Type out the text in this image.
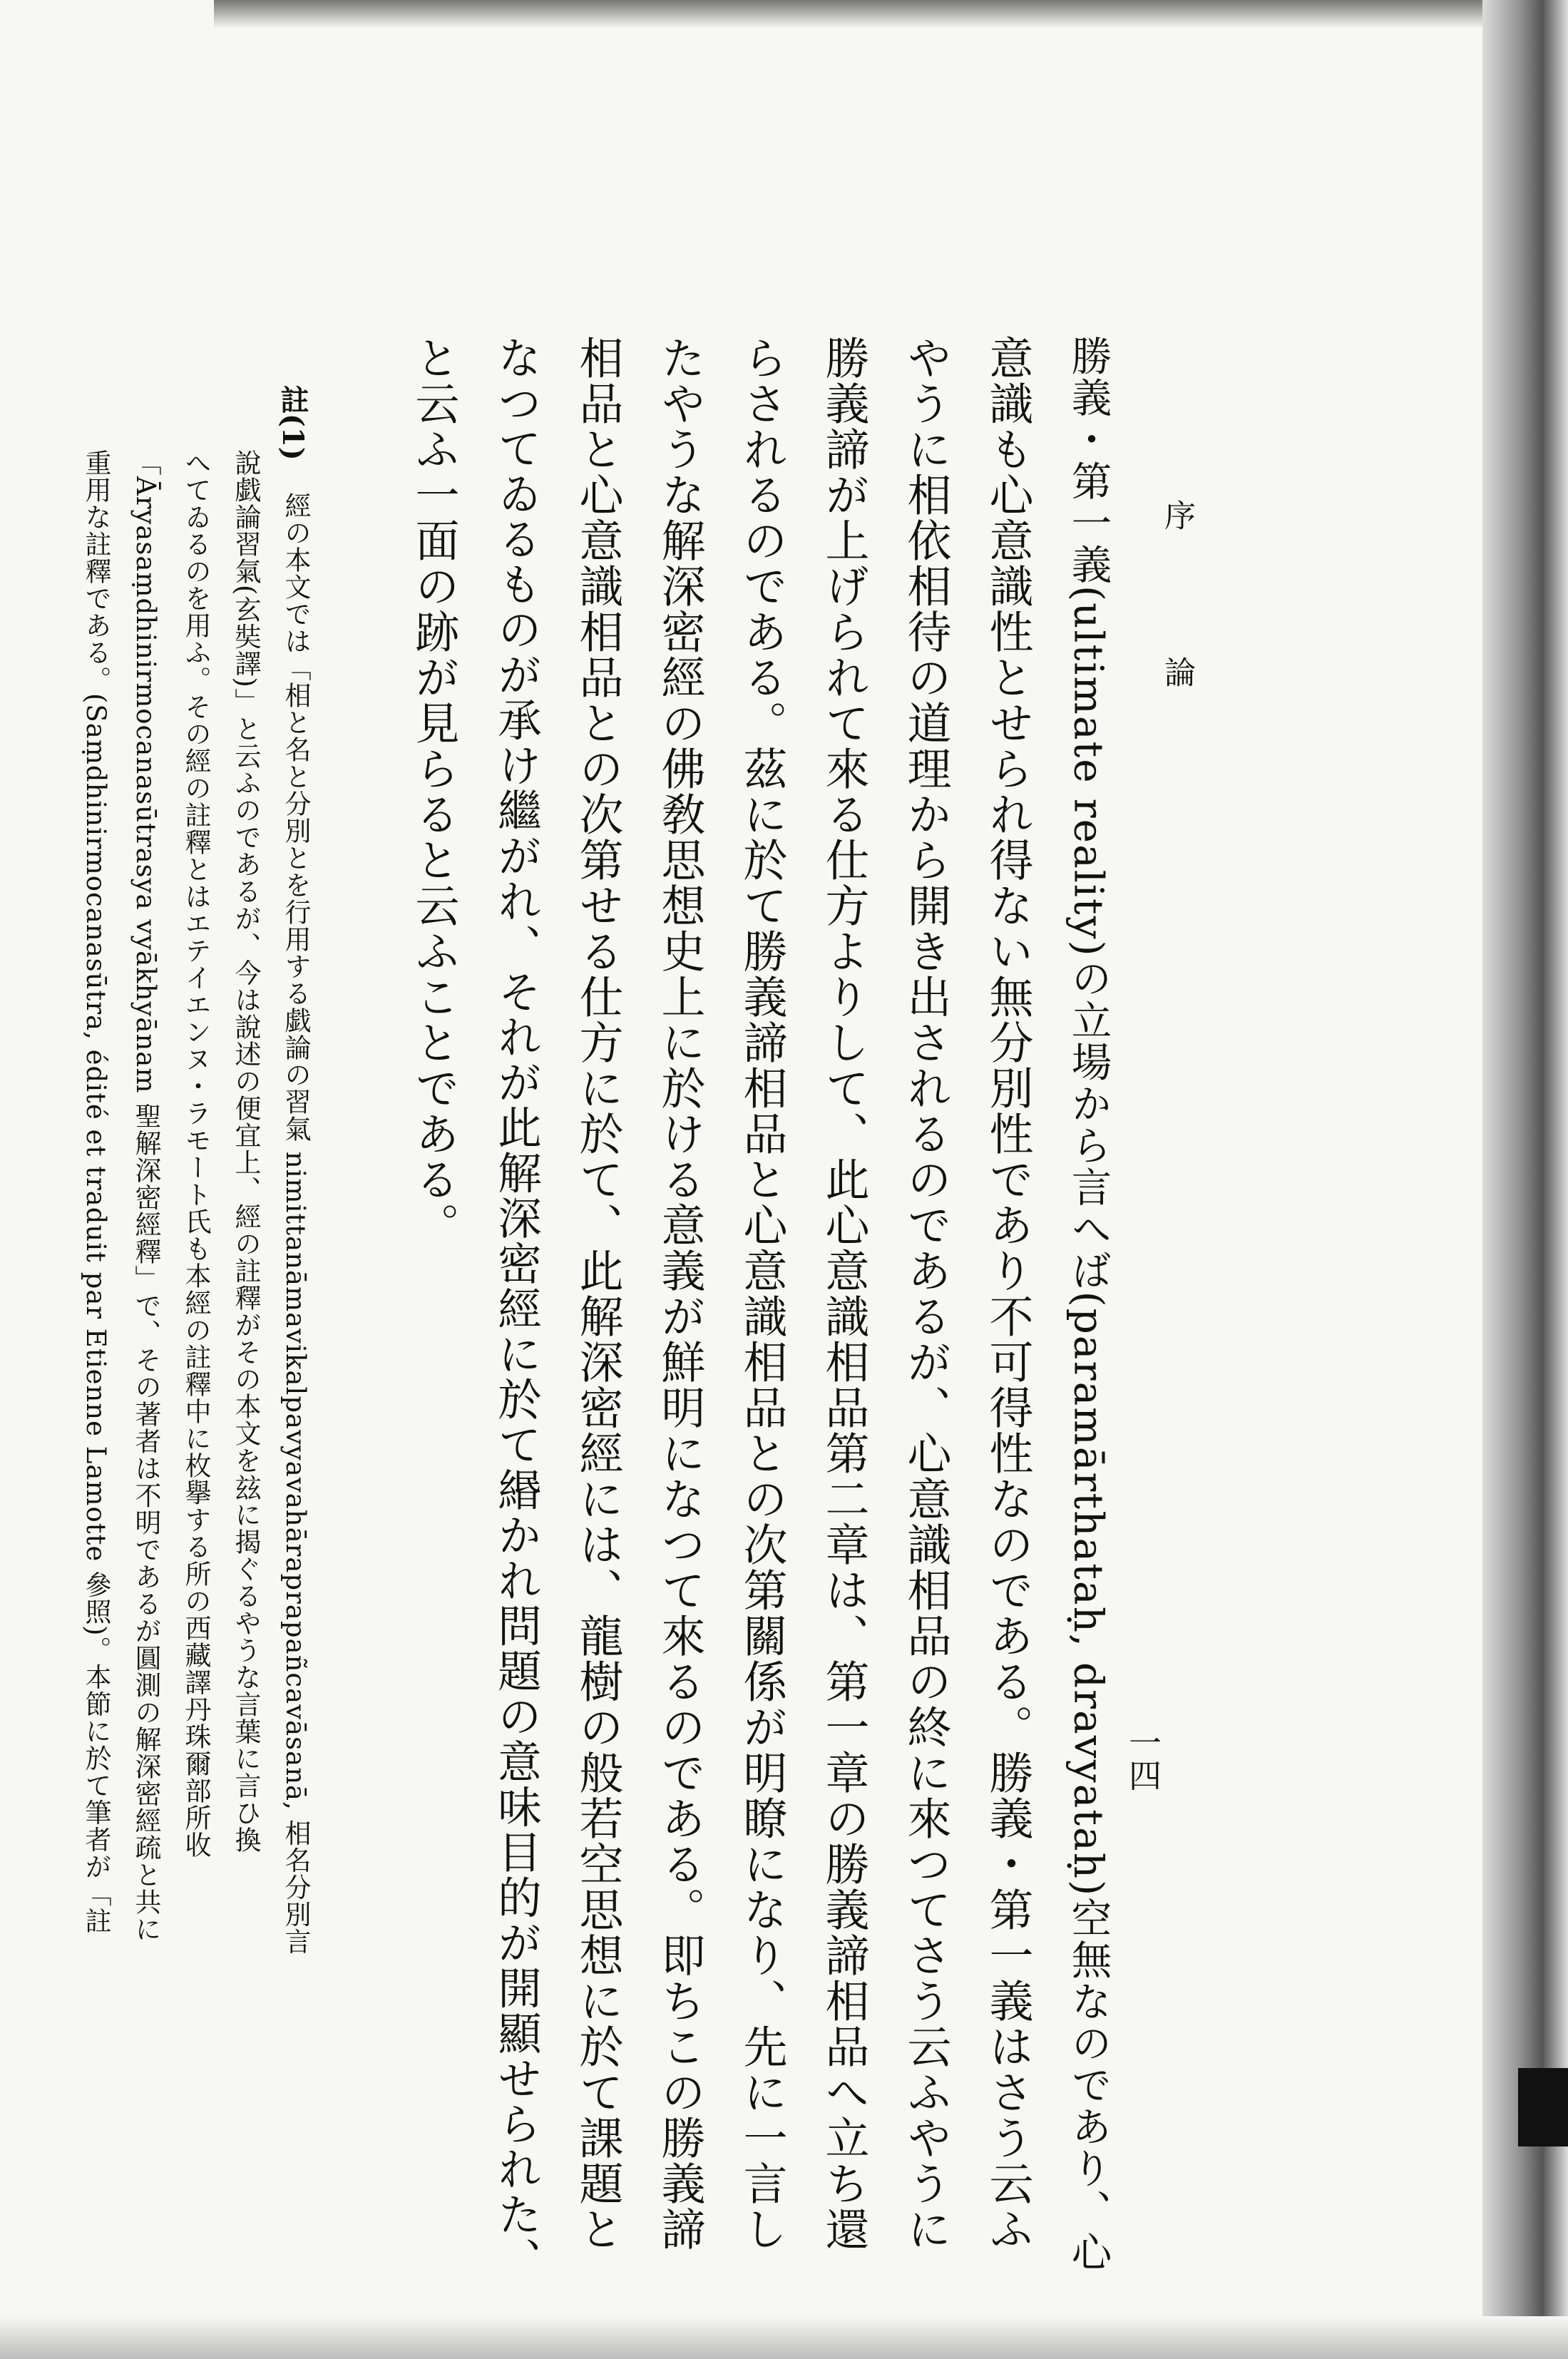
序
論
一四
勝義・第一義(ultimate reality)の立場から言へば(paramārthataḥ, dravyataḥ)空無なのであり、心
意識も心意識性とせられ得ない無分別性であり不可得性なのである。勝義・第一義はさう云ふ
やうに相依相待の道理から開き出されるのであるが、心意識相品の終に來つてさう云ふやうに
勝義諦が上げられて來る仕方よりして、此心意識相品第二章は、第一章の勝義諦相品へ立ち還
らされるのである。茲に於て勝義諦相品と心意識相品との次第關係が明瞭になり、先に一言し
たやうな解深密經の佛敎思想史上に於ける意義が鮮明になつて來るのである。即ちこの勝義諦
相品と心意識相品との次第せる仕方に於て、此解深密經には、龍樹の般若空思想に於て課題と
なつてゐるものが承け繼がれ、それが此解深密經に於て緡かれ問題の意味目的が開顯せられた、
と云ふ一面の跡が見らると云ふことである。
註(1)
經の本文では「相と名と分別とを行用する戯論の習氣 nimittanāmavikalpavyavahāraprapañcavāsanā, 相名分別言
說戯論習氣(玄奘譯)」と云ふのであるが、今は說述の便宜上、經の註釋がその本文を玆に揭ぐるやうな言葉に言ひ換
へてゐるのを用ふ。その經の註釋とはエテイエンヌ・ラモート氏も本經の註釋中に枚擧する所の西藏譯丹珠爾部所收
「Āryasaṃdhinirmocanasūtrasya vyākhyānam 聖解深密經釋」で、その著者は不明であるが圓測の解深密經疏と共に
重用な註釋である。(Saṃdhinirmocanasūtra, édité et traduit par Etienne Lamotte 參照)。本節に於て筆者が「註
